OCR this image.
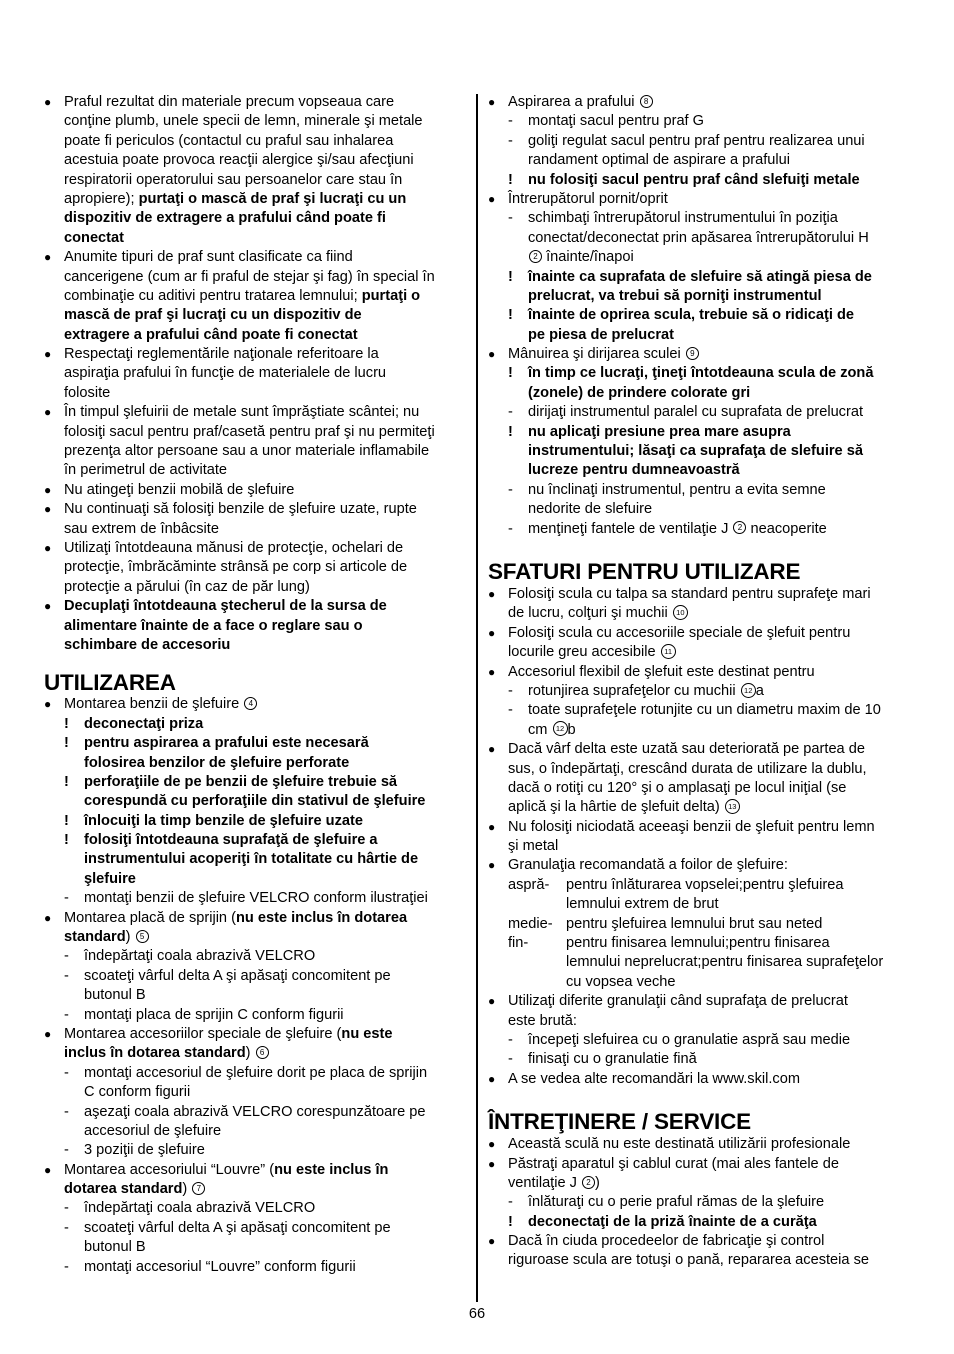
● Praful rezultat din materiale precum vopseaua care
conţine plumb, unele specii de lemn, minerale şi metale
poate fi periculos (contactul cu praful sau inhalarea
acestuia poate provoca reacţii alergice şi/sau afecţiuni
respiratorii operatorului sau persoanelor care stau în
apropiere); purtaţi o mască de praf şi lucraţi cu un
dispozitiv de extragere a prafului când poate fi
conectat
● Anumite tipuri de praf sunt clasificate ca fiind
cancerigene (cum ar fi praful de stejar şi fag) în special în
combinaţie cu aditivi pentru tratarea lemnului; purtaţi o
mască de praf şi lucraţi cu un dispozitiv de
extragere a prafului când poate fi conectat
● Respectaţi reglementările naţionale referitoare la
aspiraţia prafului în funcţie de materialele de lucru
folosite
● În timpul şlefuirii de metale sunt împrăştiate scântei; nu
folosiţi sacul pentru praf/casetă pentru praf şi nu permiteţi
prezenţa altor persoane sau a unor materiale inflamabile
în perimetrul de activitate
● Nu atingeţi benzii mobilă de şlefuire
● Nu continuaţi să folosiţi benzile de şlefuire uzate, rupte
sau extrem de înbâcsite
● Utilizaţi întotdeauna mănusi de protecţie, ochelari de
protecţie, îmbrăcăminte strânsă pe corp si articole de
protecţie a părului (în caz de păr lung)
● Decuplaţi întotdeauna ştecherul de la sursa de
alimentare înainte de a face o reglare sau o
schimbare de accesoriu
UTILIZAREA
● Montarea benzii de şlefuire 4
! deconectaţi priza
! pentru aspirarea a prafului este necesară
folosirea benzilor de şlefuire perforate
! perforaţiile de pe benzii de şlefuire trebuie să
corespundă cu perforaţiile din stativul de şlefuire
! înlocuiţi la timp benzile de şlefuire uzate
! folosiţi întotdeauna suprafaţă de şlefuire a
instrumentului acoperiţi în totalitate cu hârtie de
şlefuire
- montaţi benzii de şlefuire VELCRO conform ilustraţiei
● Montarea placă de sprijin (nu este inclus în dotarea
standard) 5
- îndepărtaţi coala abrazivă VELCRO
- scoateţi vârful delta A şi apăsaţi concomitent pe
butonul B
- montaţi placa de sprijin C conform figurii
● Montarea accesoriilor speciale de şlefuire (nu este
inclus în dotarea standard) 6
- montaţi accesoriul de şlefuire dorit pe placa de sprijin
C conform figurii
- aşezaţi coala abrazivă VELCRO corespunzătoare pe
accesoriul de şlefuire
- 3 poziţii de şlefuire
● Montarea accesoriului “Louvre” (nu este inclus în
dotarea standard) 7
- îndepărtaţi coala abrazivă VELCRO
- scoateţi vârful delta A şi apăsaţi concomitent pe
butonul B
- montaţi accesoriul “Louvre” conform figurii
● Aspirarea a prafului 8
- montaţi sacul pentru praf G
- goliţi regulat sacul pentru praf pentru realizarea unui
randament optimal de aspirare a prafului
! nu folosiţi sacul pentru praf când slefuiţi metale
● Întrerupătorul pornit/oprit
- schimbaţi întrerupătorul instrumentului în poziţia
conectat/deconectat prin apăsarea întrerupătorului H
2 înainte/înapoi
! înainte ca suprafata de slefuire să atingă piesa de
prelucrat, va trebui să porniţi instrumentul
! înainte de oprirea scula, trebuie să o ridicaţi de
pe piesa de prelucrat
● Mânuirea şi dirijarea sculei 9
! în timp ce lucraţi, ţineţi întotdeauna scula de zonă
(zonele) de prindere colorate gri
- dirijaţi instrumentul paralel cu suprafata de prelucrat
! nu aplicaţi presiune prea mare asupra
instrumentului; lăsaţi ca suprafaţa de slefuire să
lucreze pentru dumneavoastră
- nu înclinaţi instrumentul, pentru a evita semne
nedorite de slefuire
- menţineţi fantele de ventilaţie J 2 neacoperite
SFATURI PENTRU UTILIZARE
● Folosiţi scula cu talpa sa standard pentru suprafeţe mari
de lucru, colţuri şi muchii 10
● Folosiţi scula cu accesoriile speciale de şlefuit pentru
locurile greu accesibile 11
● Accesoriul flexibil de şlefuit este destinat pentru
- rotunjirea suprafeţelor cu muchii 12 a
- toate suprafeţele rotunjite cu un diametru maxim de 10
cm 12 b
● Dacă vârf delta este uzată sau deteriorată pe partea de
sus, o îndepărtaţi, crescând durata de utilizare la dublu,
dacă o rotiţi cu 120° şi o amplasaţi pe locul iniţial (se
aplică şi la hârtie de şlefuit delta) 13
● Nu folosiţi niciodată aceeaşi benzii de şlefuit pentru lemn
şi metal
● Granulaţia recomandată a foilor de şlefuire:
aspră- pentru înlăturarea vopselei;pentru şlefuirea
lemnului extrem de brut
medie- pentru şlefuirea lemnului brut sau neted
fin-	pentru finisarea lemnului;pentru finisarea
lemnului neprelucrat;pentru finisarea suprafeţelor
cu vopsea veche
● Utilizaţi diferite granulaţii când suprafaţa de prelucrat
este brută:
- începeţi slefuirea cu o granulatie aspră sau medie
- finisaţi cu o granulatie fină
● A se vedea alte recomandări la www.skil.com
ÎNTREŢINERE / SERVICE
● Această sculă nu este destinată utilizării profesionale
● Păstraţi aparatul şi cablul curat (mai ales fantele de
ventilaţie J 2 )
- înlăturaţi cu o perie praful rămas de la şlefuire
! deconectaţi de la priză înainte de a curăţa
● Dacă în ciuda procedeelor de fabricaţie şi control
riguroase scula are totuşi o pană, repararea acesteia se
66
